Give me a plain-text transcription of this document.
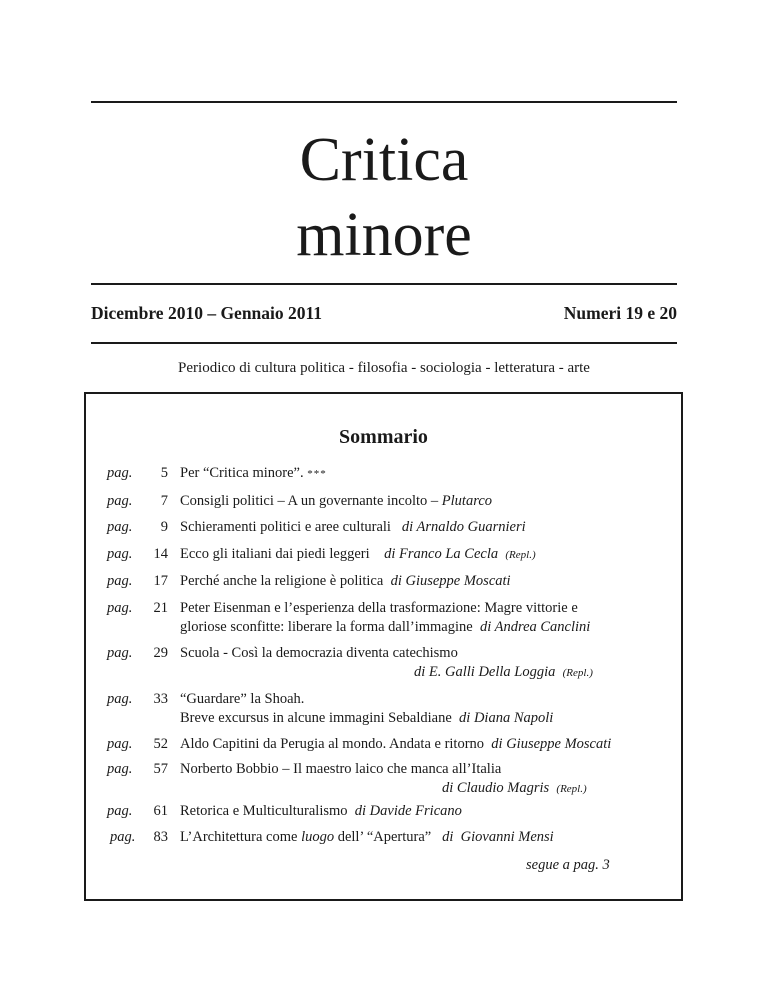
Critica
minore
Dicembre 2010 – Gennaio 2011	Numeri 19 e 20
Periodico di cultura politica - filosofia - sociologia - letteratura - arte
Sommario
pag.	5 Per “Critica minore”. ***
pag.	7 Consigli politici – A un governante incolto – Plutarco
pag.	9 Schieramenti politici e aree culturali   di Arnaldo Guarnieri
pag.	14 Ecco gli italiani dai piedi leggeri    di Franco La Cecla (Repl.)
pag.	17 Perché anche la religione è politica  di Giuseppe Moscati
pag.	21 Peter Eisenman e l’esperienza della trasformazione: Magre vittorie e
gloriose sconfitte: liberare la forma dall’immagine  di Andrea Canclini
pag.	29 Scuola - Così la democrazia diventa catechismo
di E. Galli Della Loggia (Repl.)
pag.	33 “Guardare” la Shoah.
Breve excursus in alcune immagini Sebaldiane  di Diana Napoli
pag.	52 Aldo Capitini da Perugia al mondo. Andata e ritorno  di Giuseppe Moscati
pag.	57 Norberto Bobbio – Il maestro laico che manca all’Italia
di Claudio Magris (Repl.)
pag.	61 Retorica e Multiculturalismo  di Davide Fricano
pag.	83 L’Architettura come luogo dell’ “Apertura”   di  Giovanni Mensi
segue a pag. 3
